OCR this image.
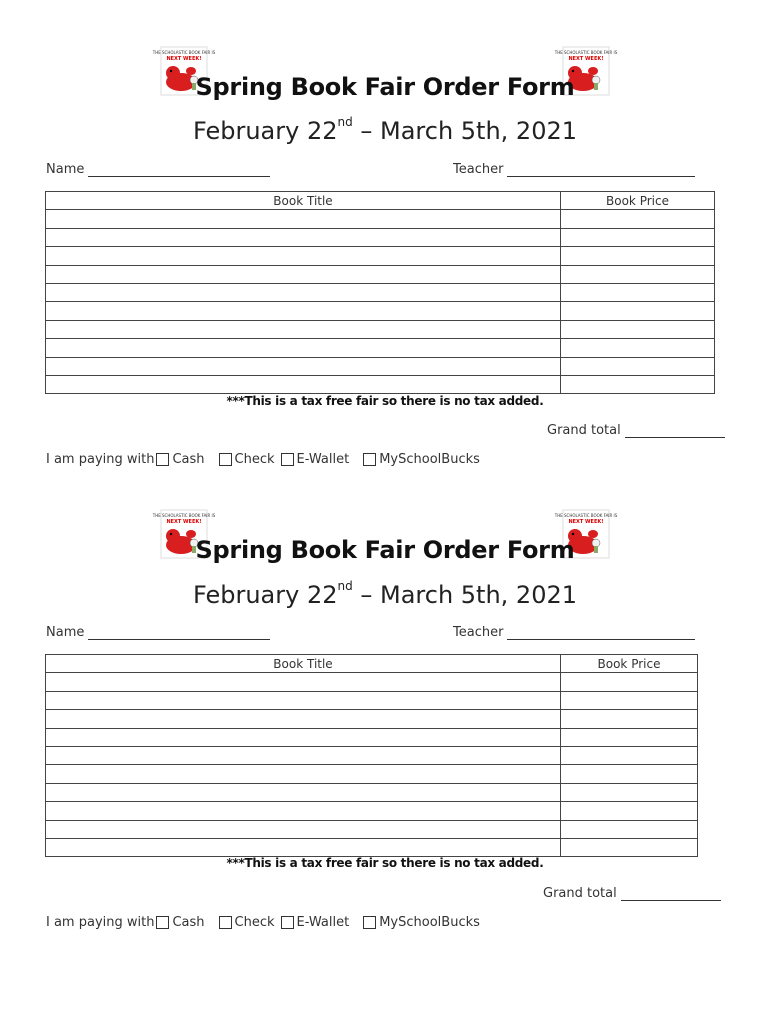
THE SCHOLASTIC BOOK FAIR IS
NEXT WEEK!
THE SCHOLASTIC BOOK FAIR IS
NEXT WEEK!
Spring Book Fair Order Form
February 22nd – March 5th, 2021
Name	Teacher
Book Title	Book Price

***This is a tax free fair so there is no tax added.
Grand total
I am paying with Cash Check E-Wallet MySchoolBucks
THE SCHOLASTIC BOOK FAIR IS
NEXT WEEK!
THE SCHOLASTIC BOOK FAIR IS
NEXT WEEK!
Spring Book Fair Order Form
February 22nd – March 5th, 2021
Name	Teacher
Book Title	Book Price

***This is a tax free fair so there is no tax added.
Grand total
I am paying with Cash Check E-Wallet MySchoolBucks
